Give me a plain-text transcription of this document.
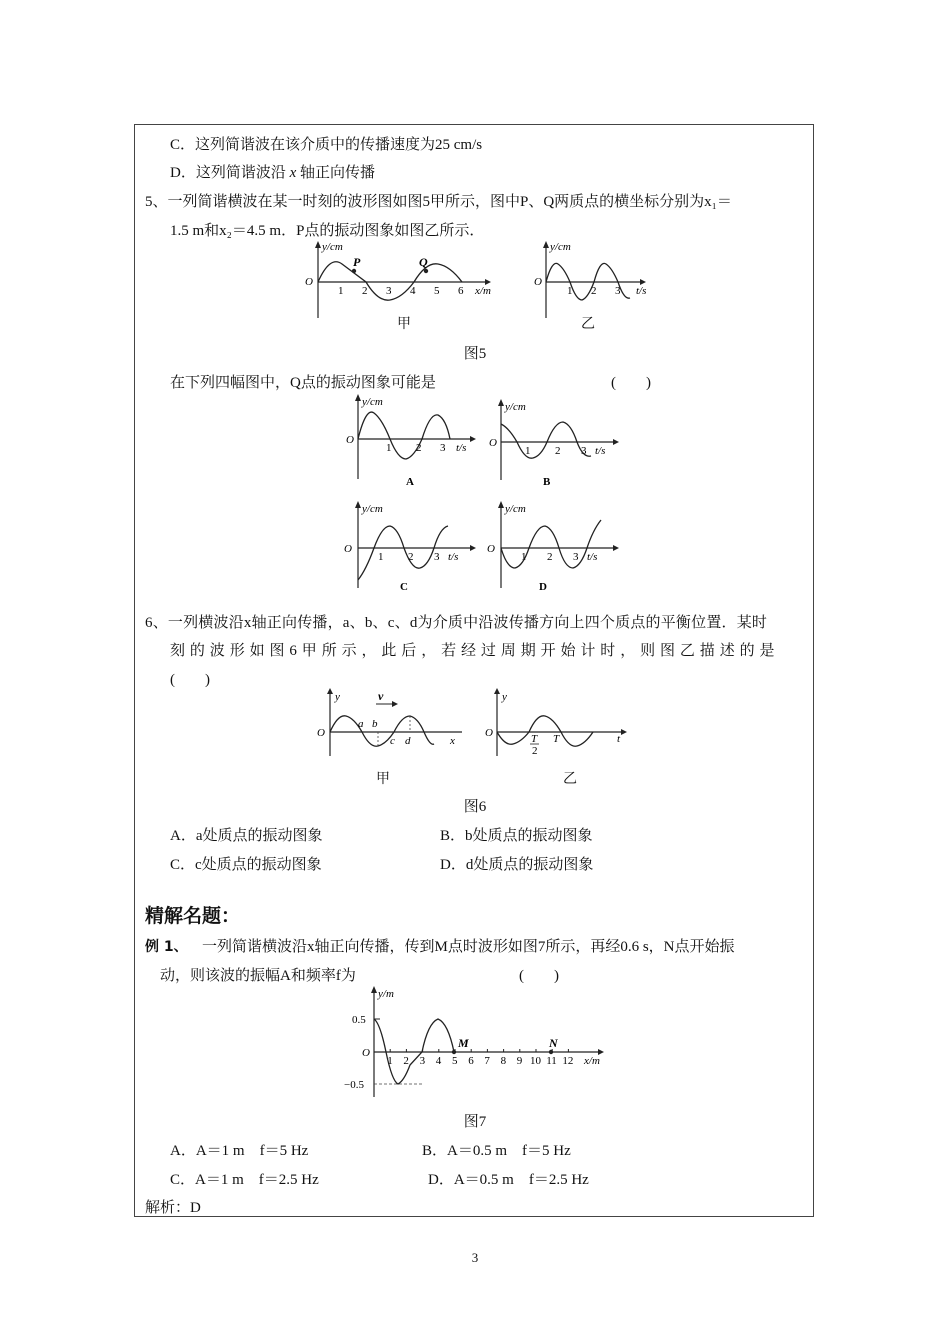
C．这列简谐波在该介质中的传播速度为25 cm/s
D．这列简谐波沿 x 轴正向传播
5、一列简谐横波在某一时刻的波形图如图5甲所示，图中P、Q两质点的横坐标分别为x₁＝
1.5 m和x₂＝4.5 m．P点的振动图象如图乙所示．
P	Q
y/cm
x/m
O
1 2 3 4 5 6
甲
y/cm
t/s
O
1 2 3
乙
图5
在下列四幅图中，Q点的振动图象可能是	(　　)
y/cm
t/s
O
1 2 3
A
y/cm
t/s
O
1 2 3
B
y/cm
t/s
O
1 2 3
C
y/cm
t/s
O
1 2 3
D
6、一列横波沿x轴正向传播，a、b、c、d为介质中沿波传播方向上四个质点的平衡位置．某时
刻的波形如图6甲所示，此后，若经过周期开始计时，则图乙描述的是
(　　)
v
y
x
O
a b
c d
甲
y
t
O	T
2
T
乙
图6
A．a处质点的振动图象	B．b处质点的振动图象
C．c处质点的振动图象	D．d处质点的振动图象
精解名题：
例 1、 一列简谐横波沿x轴正向传播，传到M点时波形如图7所示，再经0.6 s，N点开始振
动，则该波的振幅A和频率f为	(　　)
M	N
y/m
x/m
O
0.5
−0.5
1 2 3 4 5 6 7 8 9 10 11 12
图7
A．A＝1 m　f＝5 Hz	B．A＝0.5 m　f＝5 Hz
C．A＝1 m　f＝2.5 Hz	D．A＝0.5 m　f＝2.5 Hz
解析：D
3
